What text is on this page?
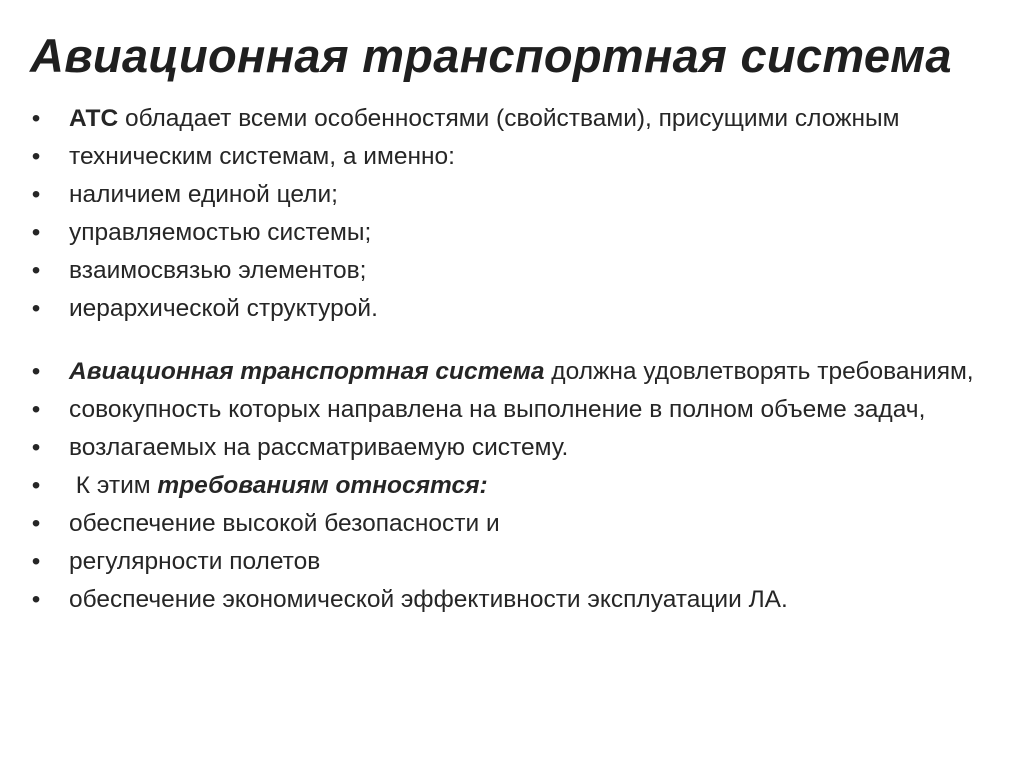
Авиационная транспортная система
• АТС обладает всеми особенностями (свойствами), присущими сложным
• техническим системам, а именно:
• наличием единой цели;
• управляемостью системы;
• взаимосвязью элементов;
• иерархической структурой.
• Авиационная транспортная система должна удовлетворять требованиям,
• совокупность которых направлена на выполнение в полном объеме задач,
• возлагаемых на рассматриваемую систему.
• К этим требованиям относятся:
• обеспечение высокой безопасности и
• регулярности полетов
• обеспечение экономической эффективности эксплуатации ЛА.
